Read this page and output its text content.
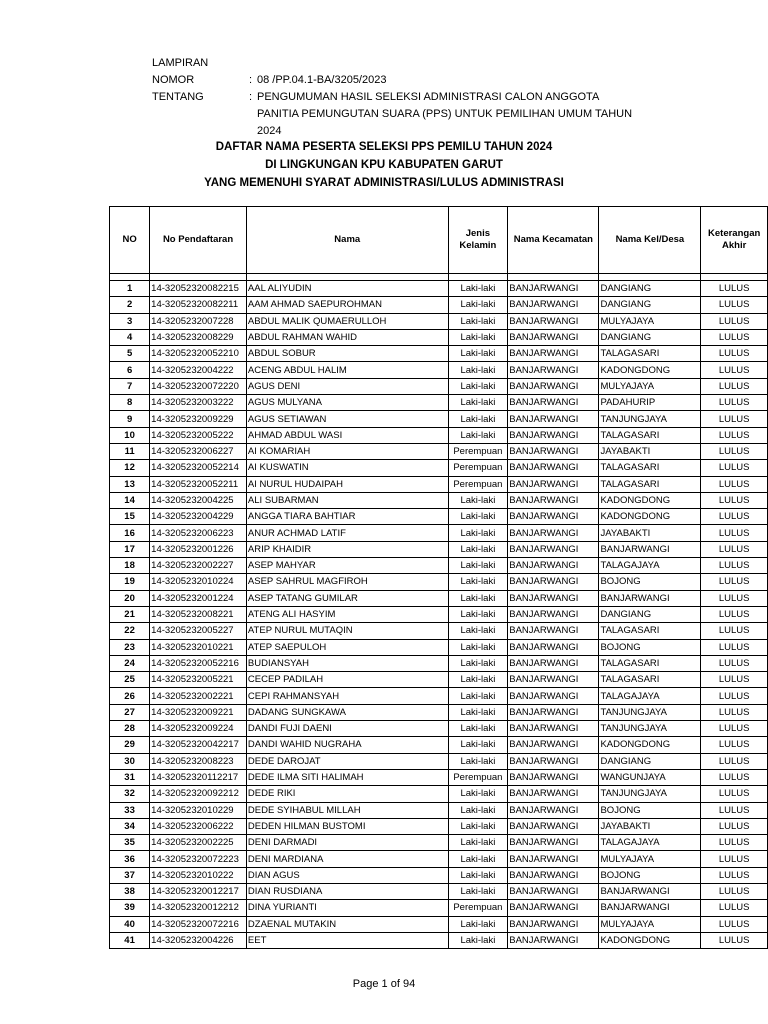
LAMPIRAN
NOMOR	: 08 /PP.04.1-BA/3205/2023
TENTANG	: PENGUMUMAN HASIL SELEKSI ADMINISTRASI CALON ANGGOTA
PANITIA PEMUNGUTAN SUARA (PPS) UNTUK PEMILIHAN UMUM TAHUN 2024
DAFTAR NAMA PESERTA SELEKSI PPS PEMILU TAHUN 2024
DI LINGKUNGAN KPU KABUPATEN GARUT
YANG MEMENUHI SYARAT ADMINISTRASI/LULUS ADMINISTRASI
NO	No Pendaftaran	Nama	Jenis Kelamin	Nama Kecamatan	Nama Kel/Desa	Keterangan Akhir

1	14-32052320082215	AAL ALIYUDIN	Laki-laki	BANJARWANGI	DANGIANG	LULUS
2	14-32052320082211	AAM AHMAD SAEPUROHMAN	Laki-laki	BANJARWANGI	DANGIANG	LULUS
3	14-3205232007228	ABDUL MALIK QUMAERULLOH	Laki-laki	BANJARWANGI	MULYAJAYA	LULUS
4	14-3205232008229	ABDUL RAHMAN WAHID	Laki-laki	BANJARWANGI	DANGIANG	LULUS
5	14-32052320052210	ABDUL SOBUR	Laki-laki	BANJARWANGI	TALAGASARI	LULUS
6	14-3205232004222	ACENG ABDUL HALIM	Laki-laki	BANJARWANGI	KADONGDONG	LULUS
7	14-32052320072220	AGUS DENI	Laki-laki	BANJARWANGI	MULYAJAYA	LULUS
8	14-3205232003222	AGUS MULYANA	Laki-laki	BANJARWANGI	PADAHURIP	LULUS
9	14-3205232009229	AGUS SETIAWAN	Laki-laki	BANJARWANGI	TANJUNGJAYA	LULUS
10	14-3205232005222	AHMAD ABDUL WASI	Laki-laki	BANJARWANGI	TALAGASARI	LULUS
11	14-3205232006227	AI KOMARIAH	Perempuan	BANJARWANGI	JAYABAKTI	LULUS
12	14-32052320052214	AI KUSWATIN	Perempuan	BANJARWANGI	TALAGASARI	LULUS
13	14-32052320052211	AI NURUL HUDAIPAH	Perempuan	BANJARWANGI	TALAGASARI	LULUS
14	14-3205232004225	ALI SUBARMAN	Laki-laki	BANJARWANGI	KADONGDONG	LULUS
15	14-3205232004229	ANGGA TIARA BAHTIAR	Laki-laki	BANJARWANGI	KADONGDONG	LULUS
16	14-3205232006223	ANUR ACHMAD LATIF	Laki-laki	BANJARWANGI	JAYABAKTI	LULUS
17	14-3205232001226	ARIP KHAIDIR	Laki-laki	BANJARWANGI	BANJARWANGI	LULUS
18	14-3205232002227	ASEP MAHYAR	Laki-laki	BANJARWANGI	TALAGAJAYA	LULUS
19	14-3205232010224	ASEP SAHRUL MAGFIROH	Laki-laki	BANJARWANGI	BOJONG	LULUS
20	14-3205232001224	ASEP TATANG GUMILAR	Laki-laki	BANJARWANGI	BANJARWANGI	LULUS
21	14-3205232008221	ATENG ALI HASYIM	Laki-laki	BANJARWANGI	DANGIANG	LULUS
22	14-3205232005227	ATEP NURUL MUTAQIN	Laki-laki	BANJARWANGI	TALAGASARI	LULUS
23	14-3205232010221	ATEP SAEPULOH	Laki-laki	BANJARWANGI	BOJONG	LULUS
24	14-32052320052216	BUDIANSYAH	Laki-laki	BANJARWANGI	TALAGASARI	LULUS
25	14-3205232005221	CECEP PADILAH	Laki-laki	BANJARWANGI	TALAGASARI	LULUS
26	14-3205232002221	CEPI RAHMANSYAH	Laki-laki	BANJARWANGI	TALAGAJAYA	LULUS
27	14-3205232009221	DADANG SUNGKAWA	Laki-laki	BANJARWANGI	TANJUNGJAYA	LULUS
28	14-3205232009224	DANDI FUJI DAENI	Laki-laki	BANJARWANGI	TANJUNGJAYA	LULUS
29	14-32052320042217	DANDI WAHID NUGRAHA	Laki-laki	BANJARWANGI	KADONGDONG	LULUS
30	14-3205232008223	DEDE DAROJAT	Laki-laki	BANJARWANGI	DANGIANG	LULUS
31	14-32052320112217	DEDE ILMA SITI HALIMAH	Perempuan	BANJARWANGI	WANGUNJAYA	LULUS
32	14-32052320092212	DEDE RIKI	Laki-laki	BANJARWANGI	TANJUNGJAYA	LULUS
33	14-3205232010229	DEDE SYIHABUL MILLAH	Laki-laki	BANJARWANGI	BOJONG	LULUS
34	14-3205232006222	DEDEN HILMAN BUSTOMI	Laki-laki	BANJARWANGI	JAYABAKTI	LULUS
35	14-3205232002225	DENI DARMADI	Laki-laki	BANJARWANGI	TALAGAJAYA	LULUS
36	14-32052320072223	DENI MARDIANA	Laki-laki	BANJARWANGI	MULYAJAYA	LULUS
37	14-3205232010222	DIAN AGUS	Laki-laki	BANJARWANGI	BOJONG	LULUS
38	14-32052320012217	DIAN RUSDIANA	Laki-laki	BANJARWANGI	BANJARWANGI	LULUS
39	14-32052320012212	DINA YURIANTI	Perempuan	BANJARWANGI	BANJARWANGI	LULUS
40	14-32052320072216	DZAENAL MUTAKIN	Laki-laki	BANJARWANGI	MULYAJAYA	LULUS
41	14-3205232004226	EET	Laki-laki	BANJARWANGI	KADONGDONG	LULUS
Page 1 of 94
